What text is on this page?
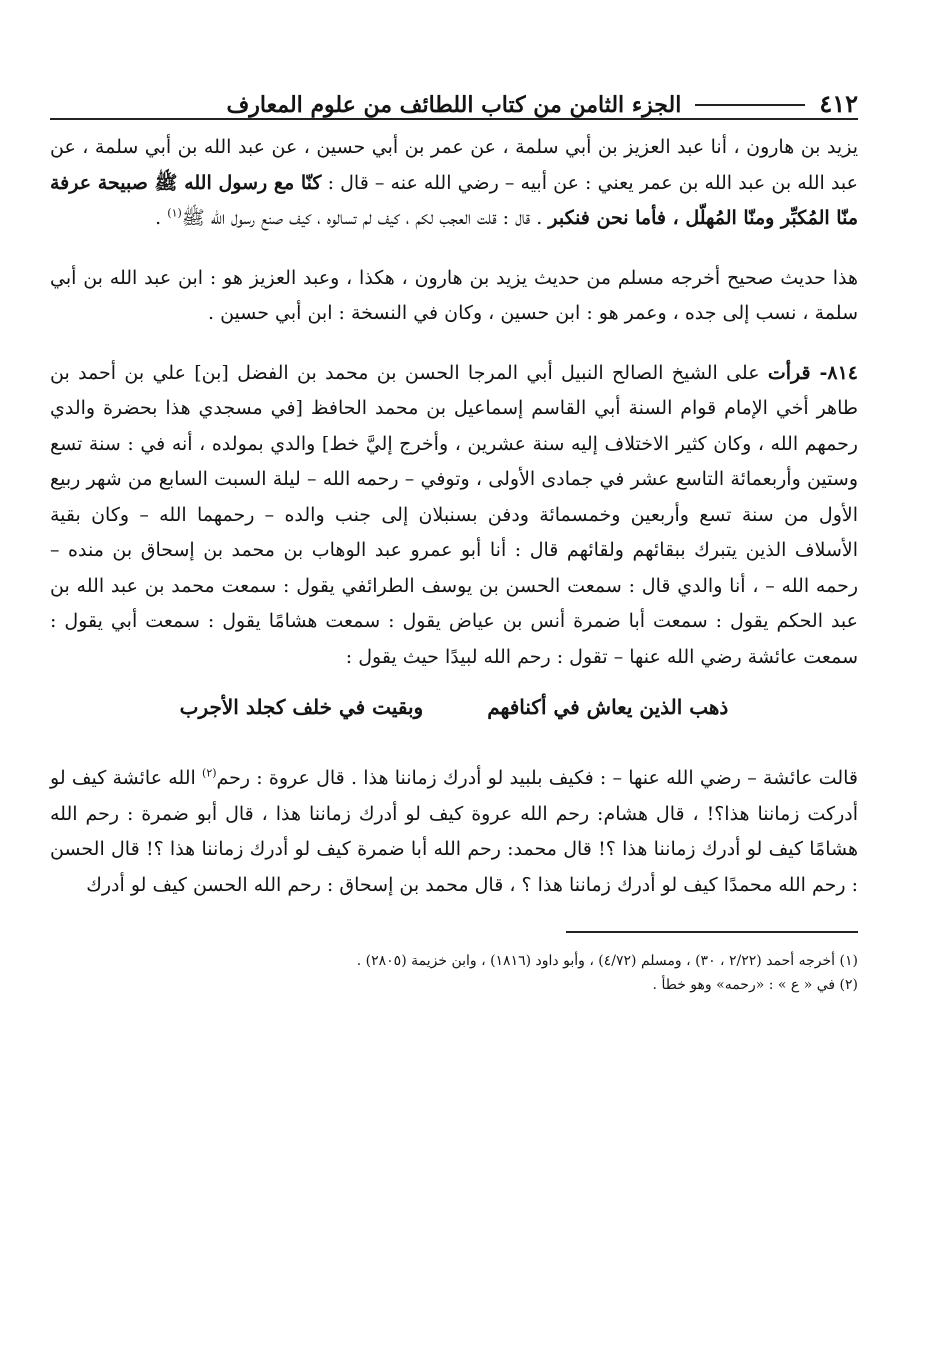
٤١٢
الجزء الثامن من كتاب اللطائف من علوم المعارف

يزيد بن هارون ، أنا عبد العزيز بن أبي سلمة ، عن عمر بن أبي حسين ، عن عبد الله بن أبي سلمة ، عن عبد الله بن عبد الله بن عمر يعني : عن أبيه – رضي الله عنه – قال : كنّا مع رسول الله ﷺ صبيحة عرفة منّا المُكبِّر ومنّا المُهلّل ، فأما نحن فنكبر . قال : قلت العجب لكم ، كيف لم تسالوه ، كيف صنع رسول الله ﷺ$^{(١)}$ .

هذا حديث صحيح أخرجه مسلم من حديث يزيد بن هارون ، هكذا ، وعبد العزيز هو : ابن عبد الله بن أبي سلمة ، نسب إلى جده ، وعمر هو : ابن حسين ، وكان في النسخة : ابن أبي حسين .

٨١٤- قرأت على الشيخ الصالح النبيل أبي المرجا الحسن بن محمد بن الفضل [بن] علي بن أحمد بن طاهر أخي الإمام قوام السنة أبي القاسم إسماعيل بن محمد الحافظ [في مسجدي هذا بحضرة والدي رحمهم الله ، وكان كثير الاختلاف إليه سنة عشرين ، وأخرج إليَّ خط] والدي بمولده ، أنه في : سنة تسع وستين وأربعمائة التاسع عشر في جمادى الأولى ، وتوفي – رحمه الله – ليلة السبت السابع من شهر ربيع الأول من سنة تسع وأربعين وخمسمائة ودفن بسنبلان إلى جنب والده – رحمهما الله – وكان بقية الأسلاف الذين يتبرك ببقائهم ولقائهم قال : أنا أبو عمرو عبد الوهاب بن محمد بن إسحاق بن منده – رحمه الله – ، أنا والدي قال : سمعت الحسن بن يوسف الطرائفي يقول : سمعت محمد بن عبد الله بن عبد الحكم يقول : سمعت أبا ضمرة أنس بن عياض يقول : سمعت هشامًا يقول : سمعت أبي يقول : سمعت عائشة رضي الله عنها – تقول : رحم الله لبيدًا حيث يقول :

ذهب الذين يعاش في أكنافهم
وبقيت في خلف كجلد الأجرب

قالت عائشة – رضي الله عنها – : فكيف بلبيد لو أدرك زماننا هذا . قال عروة : رحم$^{(٢)}$ الله عائشة كيف لو أدركت زماننا هذا؟! ، قال هشام: رحم الله عروة كيف لو أدرك زماننا هذا ، قال أبو ضمرة : رحم الله هشامًا كيف لو أدرك زماننا هذا ؟! قال محمد: رحم الله أبا ضمرة كيف لو أدرك زماننا هذا ؟! قال الحسن : رحم الله محمدًا كيف لو أدرك زماننا هذا ؟ ، قال محمد بن إسحاق : رحم الله الحسن كيف لو أدرك

(١) أخرجه أحمد (٢/٢٢ ، ٣٠) ، ومسلم (٤/٧٢) ، وأبو داود (١٨١٦) ، وابن خزيمة (٢٨٠٥) .

(٢) في « ع » : «رحمه» وهو خطأ .
